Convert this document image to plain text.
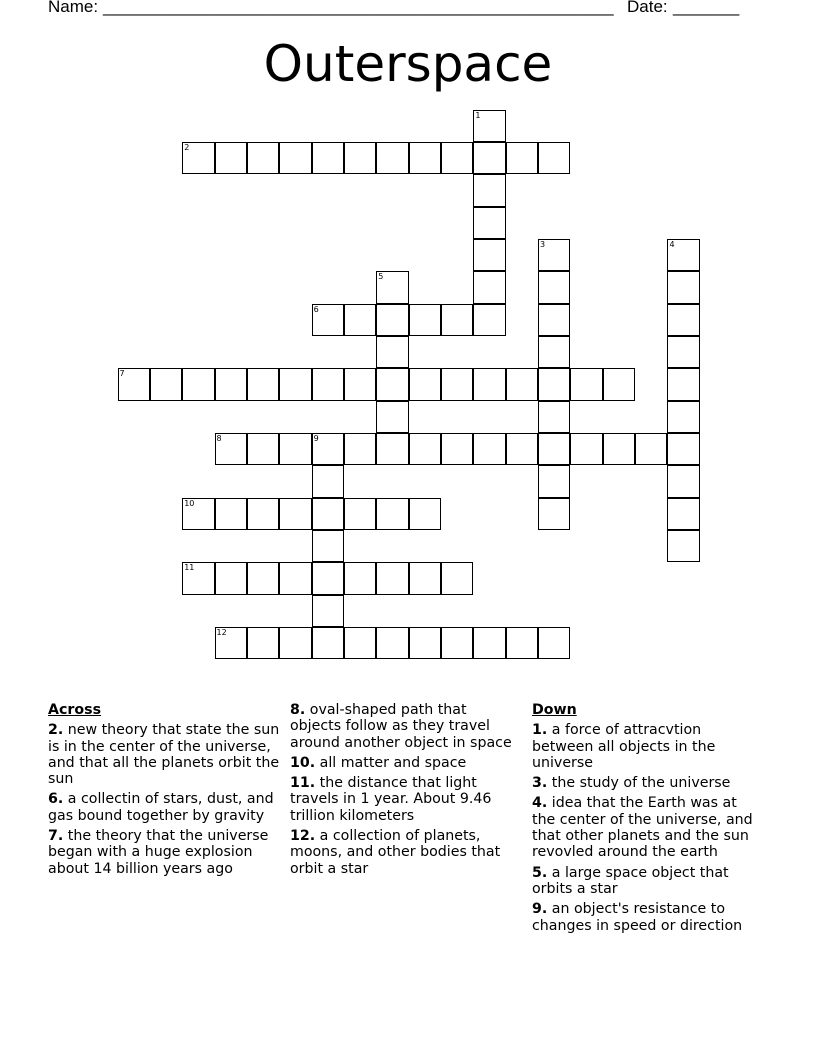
Name: ______________________________________________________ Date: _______
Outerspace
1
2
3	4
5
6
7
8	9
10
11
12
Across
2. new theory that state the sun is in the center of the universe, and that all the planets orbit the sun
6. a collectin of stars, dust, and gas bound together by gravity
7. the theory that the universe began with a huge explosion about 14 billion years ago
8. oval-shaped path that objects follow as they travel around another object in space
10. all matter and space
11. the distance that light travels in 1 year. About 9.46 trillion kilometers
12. a collection of planets, moons, and other bodies that orbit a star
Down
1. a force of attracvtion between all objects in the universe
3. the study of the universe
4. idea that the Earth was at the center of the universe, and that other planets and the sun revovled around the earth
5. a large space object that orbits a star
9. an object's resistance to changes in speed or direction
